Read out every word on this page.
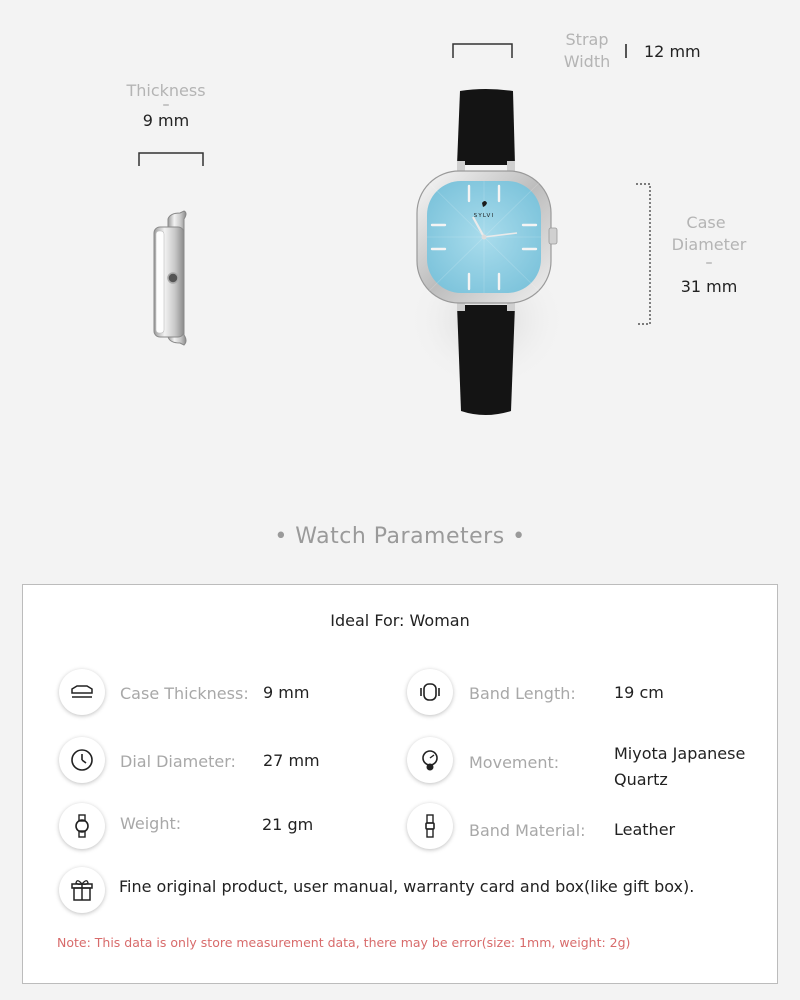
Thickness
–
9 mm
Strap
Width
12 mm
SYLVI	Case
Diameter
–
31 mm
• Watch Parameters •
Ideal For: Woman
Case Thickness: 9 mm	Band Length: 19 cm
Dial Diameter: 27 mm	Movement:	Miyota Japanese
Quartz
Weight:	21 gm	Band Material: Leather
Fine original product, user manual, warranty card and box(like gift box).
Note: This data is only store measurement data, there may be error(size: 1mm, weight: 2g)
